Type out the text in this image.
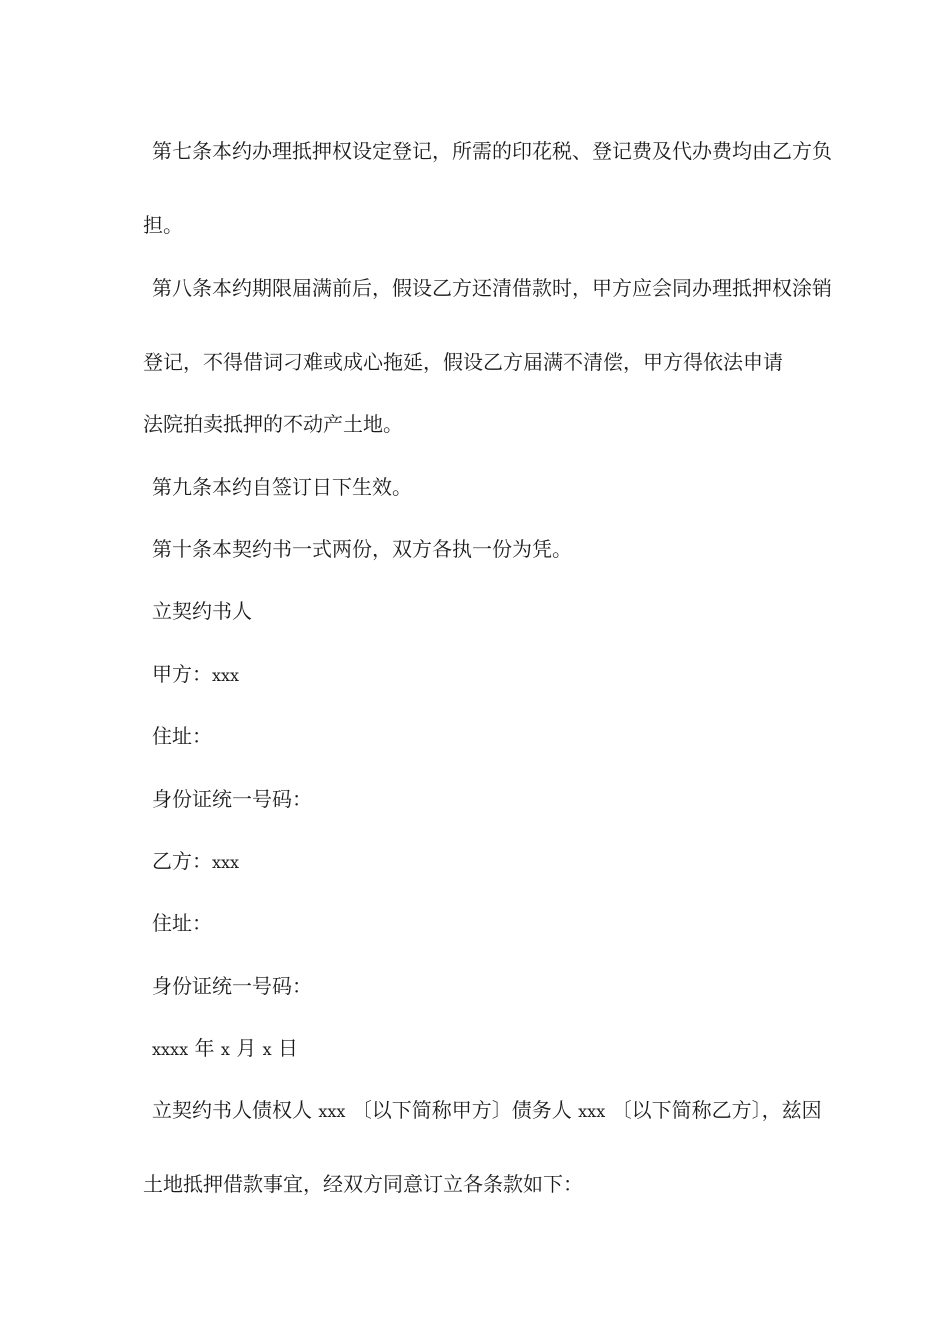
第七条本约办理抵押权设定登记，所需的印花税、登记费及代办费均由乙方负
担。
第八条本约期限届满前后，假设乙方还清借款时，甲方应会同办理抵押权涂销
登记，不得借词刁难或成心拖延，假设乙方届满不清偿，甲方得依法申请
法院拍卖抵押的不动产土地。
第九条本约自签订日下生效。
第十条本契约书一式两份，双方各执一份为凭。
立契约书人
甲方：xxx
住址：
身份证统一号码：
乙方：xxx
住址：
身份证统一号码：
xxxx 年 x 月 x 日
立契约书人债权人 xxx 〔以下简称甲方〕债务人 xxx 〔以下简称乙方〕，兹因
土地抵押借款事宜，经双方同意订立各条款如下：
